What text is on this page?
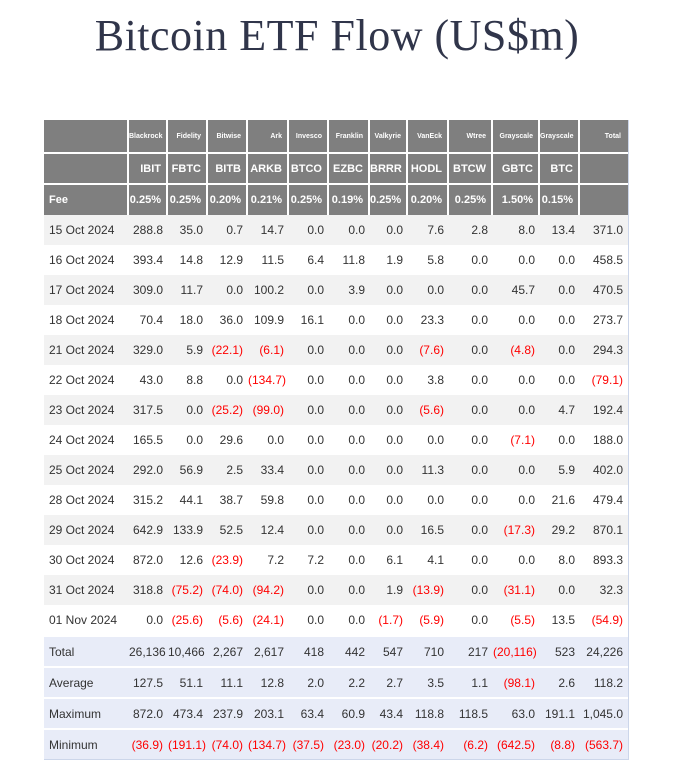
Bitcoin ETF Flow (US$m)
	Blackrock	Fidelity	Bitwise	Ark	Invesco	Franklin	Valkyrie	VanEck	Wtree	Grayscale	Grayscale	Total
	IBIT	FBTC	BITB	ARKB	BTCO	EZBC	BRRR	HODL	BTCW	GBTC	BTC	
Fee	0.25%	0.25%	0.20%	0.21%	0.25%	0.19%	0.25%	0.20%	0.25%	1.50%	0.15%	
15 Oct 2024	288.8	35.0	0.7	14.7	0.0	0.0	0.0	7.6	2.8	8.0	13.4	371.0
16 Oct 2024	393.4	14.8	12.9	11.5	6.4	11.8	1.9	5.8	0.0	0.0	0.0	458.5
17 Oct 2024	309.0	11.7	0.0	100.2	0.0	3.9	0.0	0.0	0.0	45.7	0.0	470.5
18 Oct 2024	70.4	18.0	36.0	109.9	16.1	0.0	0.0	23.3	0.0	0.0	0.0	273.7
21 Oct 2024	329.0	5.9	(22.1)	(6.1)	0.0	0.0	0.0	(7.6)	0.0	(4.8)	0.0	294.3
22 Oct 2024	43.0	8.8	0.0	(134.7)	0.0	0.0	0.0	3.8	0.0	0.0	0.0	(79.1)
23 Oct 2024	317.5	0.0	(25.2)	(99.0)	0.0	0.0	0.0	(5.6)	0.0	0.0	4.7	192.4
24 Oct 2024	165.5	0.0	29.6	0.0	0.0	0.0	0.0	0.0	0.0	(7.1)	0.0	188.0
25 Oct 2024	292.0	56.9	2.5	33.4	0.0	0.0	0.0	11.3	0.0	0.0	5.9	402.0
28 Oct 2024	315.2	44.1	38.7	59.8	0.0	0.0	0.0	0.0	0.0	0.0	21.6	479.4
29 Oct 2024	642.9	133.9	52.5	12.4	0.0	0.0	0.0	16.5	0.0	(17.3)	29.2	870.1
30 Oct 2024	872.0	12.6	(23.9)	7.2	7.2	0.0	6.1	4.1	0.0	0.0	8.0	893.3
31 Oct 2024	318.8	(75.2)	(74.0)	(94.2)	0.0	0.0	1.9	(13.9)	0.0	(31.1)	0.0	32.3
01 Nov 2024	0.0	(25.6)	(5.6)	(24.1)	0.0	0.0	(1.7)	(5.9)	0.0	(5.5)	13.5	(54.9)
Total	26,136	10,466	2,267	2,617	418	442	547	710	217	(20,116)	523	24,226
Average	127.5	51.1	11.1	12.8	2.0	2.2	2.7	3.5	1.1	(98.1)	2.6	118.2
Maximum	872.0	473.4	237.9	203.1	63.4	60.9	43.4	118.8	118.5	63.0	191.1	1,045.0
Minimum	(36.9)	(191.1)	(74.0)	(134.7)	(37.5)	(23.0)	(20.2)	(38.4)	(6.2)	(642.5)	(8.8)	(563.7)
